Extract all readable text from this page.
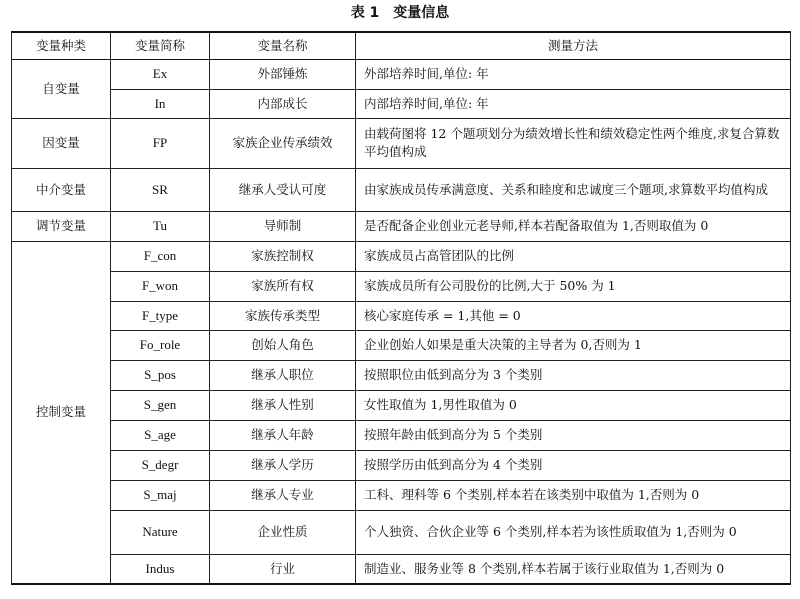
表 1　变量信息
变量种类	变量简称	变量名称	测量方法
自变量	Ex	外部锤炼	外部培养时间,单位: 年
	In	内部成长	内部培养时间,单位: 年
因变量	FP	家族企业传承绩效	由载荷图将 12 个题项划分为绩效增长性和绩效稳定性两个维度,求复合算数平均值构成
中介变量	SR	继承人受认可度	由家族成员传承满意度、关系和睦度和忠诚度三个题项,求算数平均值构成
调节变量	Tu	导师制	是否配备企业创业元老导师,样本若配备取值为 1,否则取值为 0
控制变量	F_con	家族控制权	家族成员占高管团队的比例
	F_won	家族所有权	家族成员所有公司股份的比例,大于 50% 为 1
	F_type	家族传承类型	核心家庭传承 = 1,其他 = 0
	Fo_role	创始人角色	企业创始人如果是重大决策的主导者为 0,否则为 1
	S_pos	继承人职位	按照职位由低到高分为 3 个类别
	S_gen	继承人性别	女性取值为 1,男性取值为 0
	S_age	继承人年龄	按照年龄由低到高分为 5 个类别
	S_degr	继承人学历	按照学历由低到高分为 4 个类别
	S_maj	继承人专业	工科、理科等 6 个类别,样本若在该类别中取值为 1,否则为 0
	Nature	企业性质	个人独资、合伙企业等 6 个类别,样本若为该性质取值为 1,否则为 0
	Indus	行业	制造业、服务业等 8 个类别,样本若属于该行业取值为 1,否则为 0
